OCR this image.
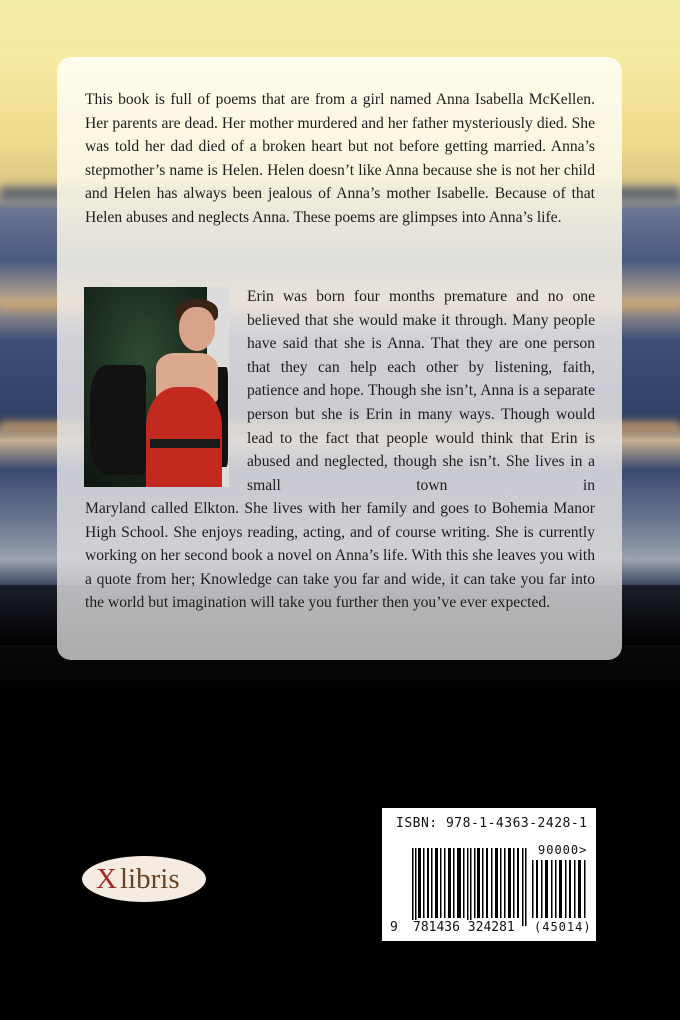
This book is full of poems that are from a girl named Anna Isabella McKellen. Her parents are dead. Her mother murdered and her father mysteriously died. She was told her dad died of a broken heart but not before getting married. Anna’s stepmother’s name is Helen. Helen doesn’t like Anna because she is not her child and Helen has always been jealous of Anna’s mother Isabelle. Because of that Helen abuses and neglects Anna. These poems are glimpses into Anna’s life.

Erin was born four months premature and no one believed that she would make it through. Many people have said that she is Anna. That they are one person that they can help each other by listening, faith, patience and hope. Though she isn’t, Anna is a separate person but she is Erin in many ways. Though would lead to the fact that people would think that Erin is abused and neglected, though she isn’t. She lives in a small town in

Maryland called Elkton. She lives with her family and goes to Bohemia Manor High School. She enjoys reading, acting, and of course writing. She is currently working on her second book a novel on Anna’s life. With this she leaves you with a quote from her; Knowledge can take you far and wide, it can take you far into the world but imagination will take you further then you’ve ever expected.

X libris
ISBN: 978-1-4363-2428-1
90000>
9 781436 324281 (45014)
